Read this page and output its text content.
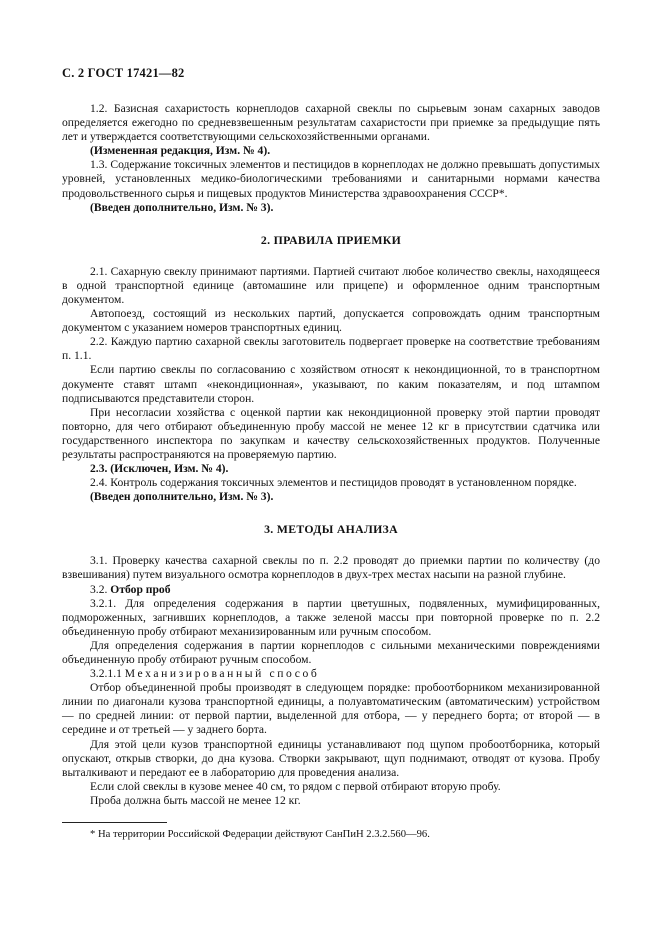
С. 2 ГОСТ 17421—82

1.2. Базисная сахаристость корнеплодов сахарной свеклы по сырьевым зонам сахарных заводов определяется ежегодно по средневзвешенным результатам сахаристости при приемке за предыдущие пять лет и утверждается соответствующими сельскохозяйственными органами.

(Измененная редакция, Изм. № 4).

1.3. Содержание токсичных элементов и пестицидов в корнеплодах не должно превышать допустимых уровней, установленных медико-биологическими требованиями и санитарными нормами качества продовольственного сырья и пищевых продуктов Министерства здравоохранения СССР*.

(Введен дополнительно, Изм. № 3).

2. ПРАВИЛА ПРИЕМКИ

2.1. Сахарную свеклу принимают партиями. Партией считают любое количество свеклы, находящееся в одной транспортной единице (автомашине или прицепе) и оформленное одним транспортным документом.

Автопоезд, состоящий из нескольких партий, допускается сопровождать одним транспортным документом с указанием номеров транспортных единиц.

2.2. Каждую партию сахарной свеклы заготовитель подвергает проверке на соответствие требованиям п. 1.1.

Если партию свеклы по согласованию с хозяйством относят к некондиционной, то в транспортном документе ставят штамп «некондиционная», указывают, по каким показателям, и под штампом подписываются представители сторон.

При несогласии хозяйства с оценкой партии как некондиционной проверку этой партии проводят повторно, для чего отбирают объединенную пробу массой не менее 12 кг в присутствии сдатчика или государственного инспектора по закупкам и качеству сельскохозяйственных продуктов. Полученные результаты распространяются на проверяемую партию.

2.3. (Исключен, Изм. № 4).

2.4. Контроль содержания токсичных элементов и пестицидов проводят в установленном порядке.

(Введен дополнительно, Изм. № 3).

3. МЕТОДЫ АНАЛИЗА

3.1. Проверку качества сахарной свеклы по п. 2.2 проводят до приемки партии по количеству (до взвешивания) путем визуального осмотра корнеплодов в двух-трех местах насыпи на разной глубине.

3.2. Отбор проб

3.2.1. Для определения содержания в партии цветушных, подвяленных, мумифицированных, подмороженных, загнивших корнеплодов, а также зеленой массы при повторной проверке по п. 2.2 объединенную пробу отбирают механизированным или ручным способом.

Для определения содержания в партии корнеплодов с сильными механическими повреждениями объединенную пробу отбирают ручным способом.

3.2.1.1 Механизированный способ

Отбор объединенной пробы производят в следующем порядке: пробоотборником механизированной линии по диагонали кузова транспортной единицы, а полуавтоматическим (автоматическим) устройством — по средней линии: от первой партии, выделенной для отбора, — у переднего борта; от второй — в середине и от третьей — у заднего борта.

Для этой цели кузов транспортной единицы устанавливают под щупом пробоотборника, который опускают, открыв створки, до дна кузова. Створки закрывают, щуп поднимают, отводят от кузова. Пробу выталкивают и передают ее в лабораторию для проведения анализа.

Если слой свеклы в кузове менее 40 см, то рядом с первой отбирают вторую пробу.

Проба должна быть массой не менее 12 кг.

* На территории Российской Федерации действуют СанПиН 2.3.2.560—96.
